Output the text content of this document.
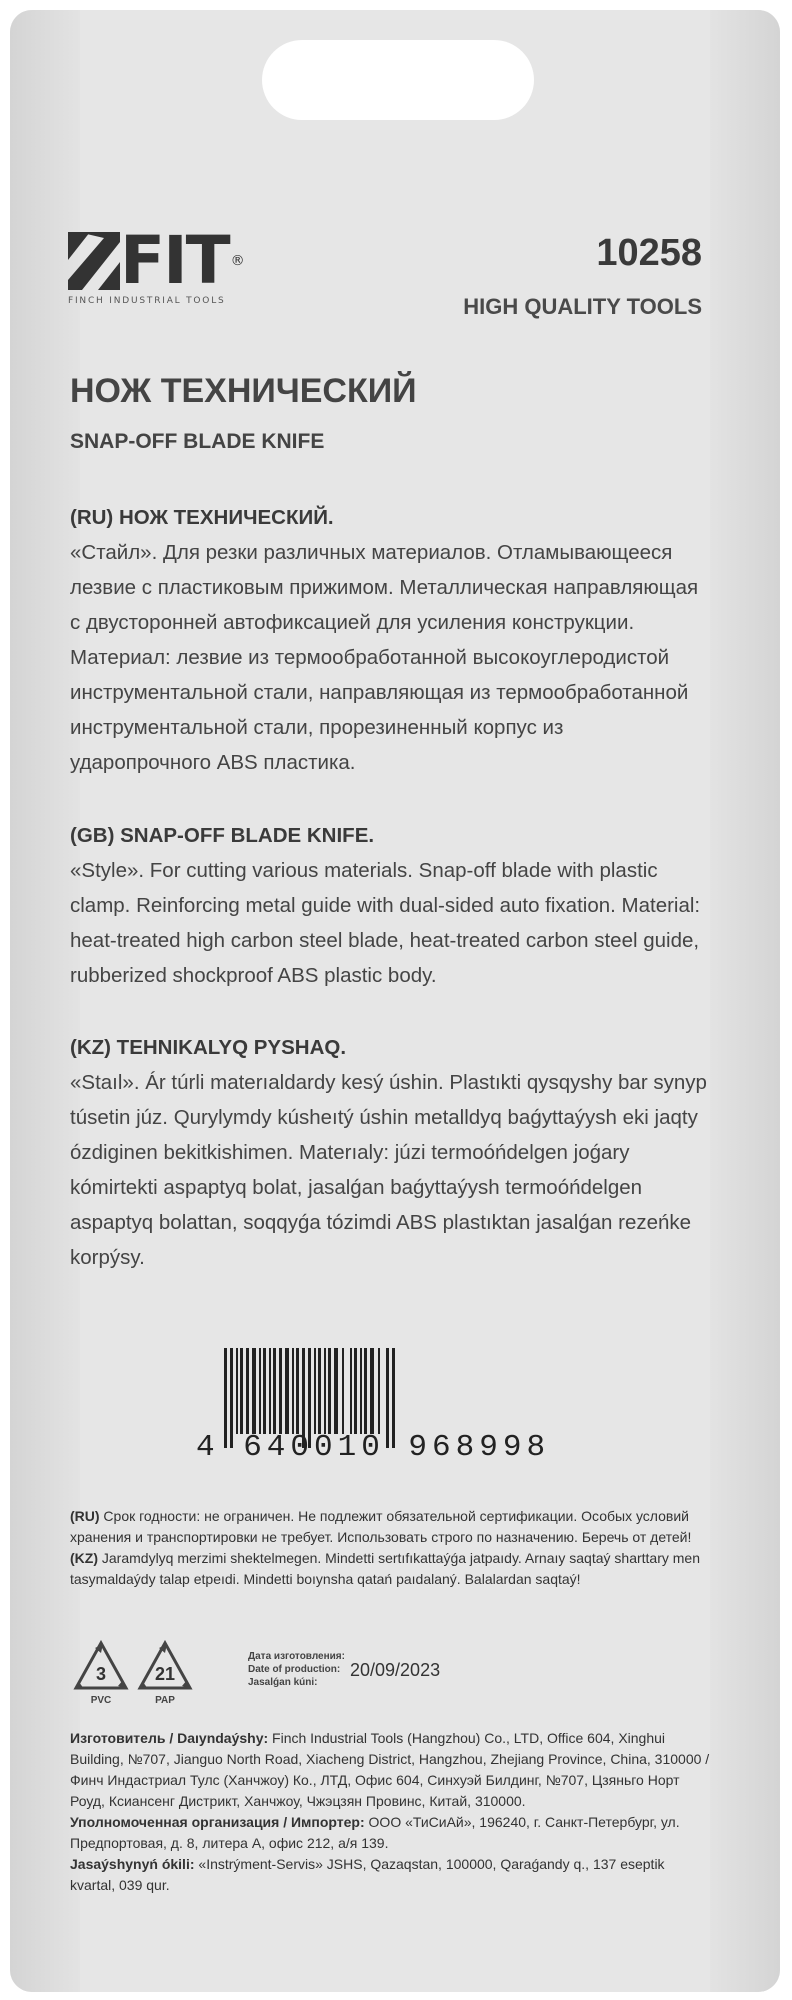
FIT ®
FINCH INDUSTRIAL TOOLS
10258
HIGH QUALITY TOOLS
НОЖ ТЕХНИЧЕСКИЙ
SNAP-OFF BLADE KNIFE
(RU) НОЖ ТЕХНИЧЕСКИЙ.

«Стайл». Для резки различных материалов. Отламывающееся лезвие с пластиковым прижимом. Металлическая направляющая с двусторонней автофиксацией для усиления конструкции. Материал: лезвие из термообработанной высокоуглеродистой инструментальной стали, направляющая из термообработанной инструментальной стали, прорезиненный корпус из ударопрочного ABS пластика.

(GB) SNAP-OFF BLADE KNIFE.

«Style». For cutting various materials. Snap-off blade with plastic clamp. Reinforcing metal guide with dual-sided auto fixation. Material: heat-treated high carbon steel blade, heat-treated carbon steel guide, rubberized shockproof ABS plastic body.

(KZ) TEHNIKALYQ PYSHAQ.

«Staıl». Ár túrli materıaldardy kesý úshin. Plastıkti qysqyshy bar synyp túsetin júz. Qurylymdy kúsheıtý úshin metalldyq baǵyttaýysh eki jaqty ózdiginen bekitkishimen. Materıaly: júzi termoóńdelgen joǵary kómirtekti aspaptyq bolat, jasalǵan baǵyttaýysh termoóńdelgen aspaptyq bolattan, soqqyǵa tózimdi ABS plastıktan jasalǵan rezeńke korpýsy.

4 640010 968998

(RU) Срок годности: не ограничен. Не подлежит обязательной сертификации. Особых условий хранения и транспортировки не требует. Использовать строго по назначению. Беречь от детей!

(KZ) Jaramdylyq merzimi shektelmegen. Mindetti sertıfıkattaýǵa jatpaıdy. Arnaıy saqtaý sharttary men tasymaldaýdy talap etpeıdi. Mindetti boıynsha qatań paıdalaný. Balalardan saqtaý!

3
PVC
21
PAP
Дата изготовления:
Date of production:
Jasalǵan kúni:
20/09/2023

Изготовитель / Daıyndaýshy: Finch Industrial Tools (Hangzhou) Co., LTD, Office 604, Xinghui Building, №707, Jianguo North Road, Xiacheng District, Hangzhou, Zhejiang Province, China, 310000 / Финч Индастриал Тулс (Ханчжоу) Ко., ЛТД, Офис 604, Синхуэй Билдинг, №707, Цзяньго Норт Роуд, Ксиансенг Дистрикт, Ханчжоу, Чжэцзян Провинс, Китай, 310000.

Уполномоченная организация / Импортер: ООО «ТиСиАй», 196240, г. Санкт-Петербург, ул. Предпортовая, д. 8, литера А, офис 212, а/я 139.

Jasaýshynyń ókili: «Instrýment-Servis» JSHS, Qazaqstan, 100000, Qaraǵandy q., 137 eseptik kvartal, 039 qur.
